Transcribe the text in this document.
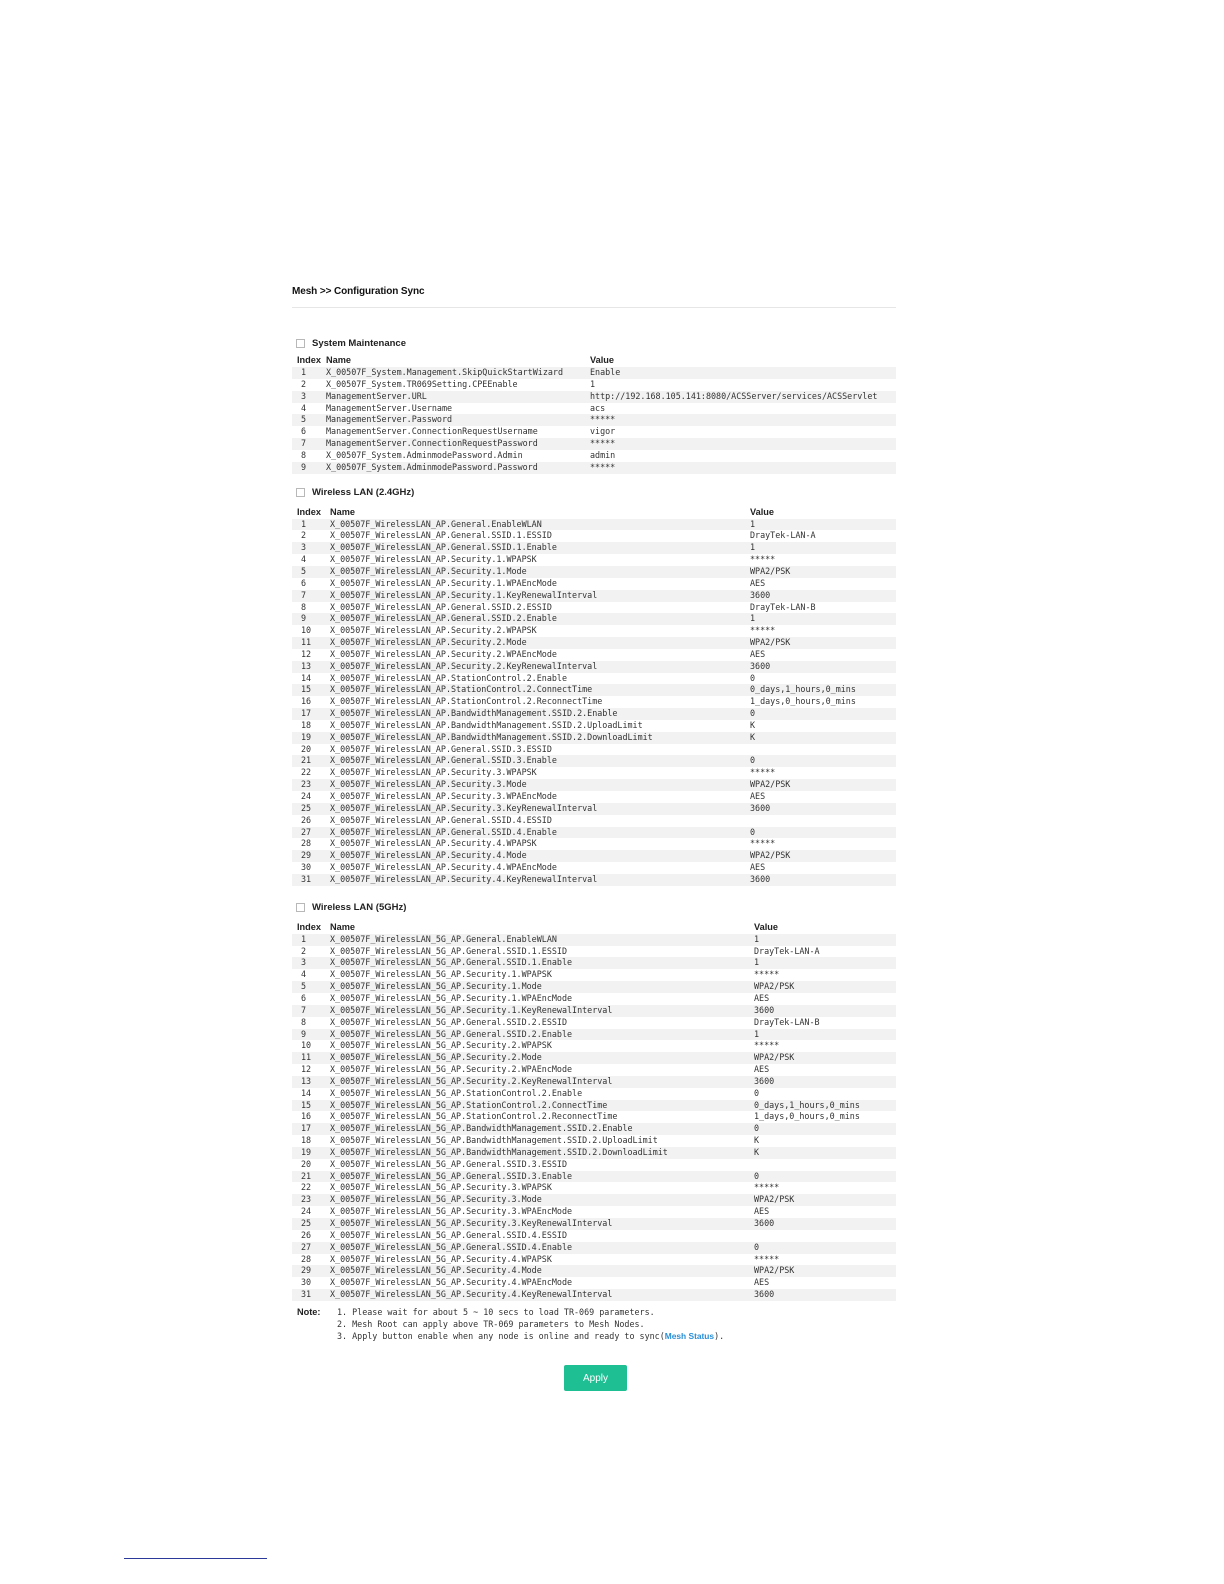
Mesh >> Configuration Sync
System Maintenance
Index	Name	Value
1	X_00507F_System.Management.SkipQuickStartWizard	Enable
2	X_00507F_System.TR069Setting.CPEEnable	1
3	ManagementServer.URL	http://192.168.105.141:8080/ACSServer/services/ACSServlet
4	ManagementServer.Username	acs
5	ManagementServer.Password	*****
6	ManagementServer.ConnectionRequestUsername	vigor
7	ManagementServer.ConnectionRequestPassword	*****
8	X_00507F_System.AdminmodePassword.Admin	admin
9	X_00507F_System.AdminmodePassword.Password	*****
Wireless LAN (2.4GHz)
Index	Name	Value
1	X_00507F_WirelessLAN_AP.General.EnableWLAN	1
2	X_00507F_WirelessLAN_AP.General.SSID.1.ESSID	DrayTek-LAN-A
3	X_00507F_WirelessLAN_AP.General.SSID.1.Enable	1
4	X_00507F_WirelessLAN_AP.Security.1.WPAPSK	*****
5	X_00507F_WirelessLAN_AP.Security.1.Mode	WPA2/PSK
6	X_00507F_WirelessLAN_AP.Security.1.WPAEncMode	AES
7	X_00507F_WirelessLAN_AP.Security.1.KeyRenewalInterval	3600
8	X_00507F_WirelessLAN_AP.General.SSID.2.ESSID	DrayTek-LAN-B
9	X_00507F_WirelessLAN_AP.General.SSID.2.Enable	1
10	X_00507F_WirelessLAN_AP.Security.2.WPAPSK	*****
11	X_00507F_WirelessLAN_AP.Security.2.Mode	WPA2/PSK
12	X_00507F_WirelessLAN_AP.Security.2.WPAEncMode	AES
13	X_00507F_WirelessLAN_AP.Security.2.KeyRenewalInterval	3600
14	X_00507F_WirelessLAN_AP.StationControl.2.Enable	0
15	X_00507F_WirelessLAN_AP.StationControl.2.ConnectTime	0_days,1_hours,0_mins
16	X_00507F_WirelessLAN_AP.StationControl.2.ReconnectTime	1_days,0_hours,0_mins
17	X_00507F_WirelessLAN_AP.BandwidthManagement.SSID.2.Enable	0
18	X_00507F_WirelessLAN_AP.BandwidthManagement.SSID.2.UploadLimit	K
19	X_00507F_WirelessLAN_AP.BandwidthManagement.SSID.2.DownloadLimit	K
20	X_00507F_WirelessLAN_AP.General.SSID.3.ESSID	
21	X_00507F_WirelessLAN_AP.General.SSID.3.Enable	0
22	X_00507F_WirelessLAN_AP.Security.3.WPAPSK	*****
23	X_00507F_WirelessLAN_AP.Security.3.Mode	WPA2/PSK
24	X_00507F_WirelessLAN_AP.Security.3.WPAEncMode	AES
25	X_00507F_WirelessLAN_AP.Security.3.KeyRenewalInterval	3600
26	X_00507F_WirelessLAN_AP.General.SSID.4.ESSID	
27	X_00507F_WirelessLAN_AP.General.SSID.4.Enable	0
28	X_00507F_WirelessLAN_AP.Security.4.WPAPSK	*****
29	X_00507F_WirelessLAN_AP.Security.4.Mode	WPA2/PSK
30	X_00507F_WirelessLAN_AP.Security.4.WPAEncMode	AES
31	X_00507F_WirelessLAN_AP.Security.4.KeyRenewalInterval	3600
Wireless LAN (5GHz)
Index	Name	Value
1	X_00507F_WirelessLAN_5G_AP.General.EnableWLAN	1
2	X_00507F_WirelessLAN_5G_AP.General.SSID.1.ESSID	DrayTek-LAN-A
3	X_00507F_WirelessLAN_5G_AP.General.SSID.1.Enable	1
4	X_00507F_WirelessLAN_5G_AP.Security.1.WPAPSK	*****
5	X_00507F_WirelessLAN_5G_AP.Security.1.Mode	WPA2/PSK
6	X_00507F_WirelessLAN_5G_AP.Security.1.WPAEncMode	AES
7	X_00507F_WirelessLAN_5G_AP.Security.1.KeyRenewalInterval	3600
8	X_00507F_WirelessLAN_5G_AP.General.SSID.2.ESSID	DrayTek-LAN-B
9	X_00507F_WirelessLAN_5G_AP.General.SSID.2.Enable	1
10	X_00507F_WirelessLAN_5G_AP.Security.2.WPAPSK	*****
11	X_00507F_WirelessLAN_5G_AP.Security.2.Mode	WPA2/PSK
12	X_00507F_WirelessLAN_5G_AP.Security.2.WPAEncMode	AES
13	X_00507F_WirelessLAN_5G_AP.Security.2.KeyRenewalInterval	3600
14	X_00507F_WirelessLAN_5G_AP.StationControl.2.Enable	0
15	X_00507F_WirelessLAN_5G_AP.StationControl.2.ConnectTime	0_days,1_hours,0_mins
16	X_00507F_WirelessLAN_5G_AP.StationControl.2.ReconnectTime	1_days,0_hours,0_mins
17	X_00507F_WirelessLAN_5G_AP.BandwidthManagement.SSID.2.Enable	0
18	X_00507F_WirelessLAN_5G_AP.BandwidthManagement.SSID.2.UploadLimit	K
19	X_00507F_WirelessLAN_5G_AP.BandwidthManagement.SSID.2.DownloadLimit	K
20	X_00507F_WirelessLAN_5G_AP.General.SSID.3.ESSID	
21	X_00507F_WirelessLAN_5G_AP.General.SSID.3.Enable	0
22	X_00507F_WirelessLAN_5G_AP.Security.3.WPAPSK	*****
23	X_00507F_WirelessLAN_5G_AP.Security.3.Mode	WPA2/PSK
24	X_00507F_WirelessLAN_5G_AP.Security.3.WPAEncMode	AES
25	X_00507F_WirelessLAN_5G_AP.Security.3.KeyRenewalInterval	3600
26	X_00507F_WirelessLAN_5G_AP.General.SSID.4.ESSID	
27	X_00507F_WirelessLAN_5G_AP.General.SSID.4.Enable	0
28	X_00507F_WirelessLAN_5G_AP.Security.4.WPAPSK	*****
29	X_00507F_WirelessLAN_5G_AP.Security.4.Mode	WPA2/PSK
30	X_00507F_WirelessLAN_5G_AP.Security.4.WPAEncMode	AES
31	X_00507F_WirelessLAN_5G_AP.Security.4.KeyRenewalInterval	3600
Note:	1. Please wait for about 5 ~ 10 secs to load TR-069 parameters.
2. Mesh Root can apply above TR-069 parameters to Mesh Nodes.
3. Apply button enable when any node is online and ready to sync(Mesh Status).
Apply
